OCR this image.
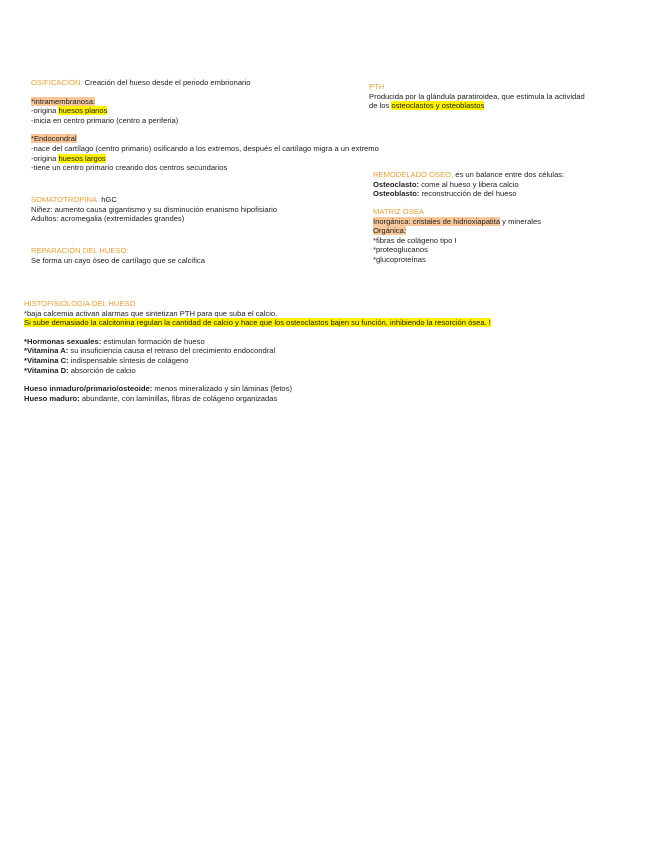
OSIFICACIÓN: Creación del hueso desde el periodo embrionario
*intramembranosa:
-origina huesos planos
-inicia en centro primario (centro a periferia)
*Endocondral
-nace del cartílago (centro primario) osificando a los extremos, después el cartílago migra a un extremo
-origina huesos largos
-tiene un centro primario creando dos centros secundarios
SOMATOTROPINA: hGC
Niñez: aumento causa gigantismo y su disminución enanismo hipofisiario
Adultos: acromegalia (extremidades grandes)
REPARACIÓN DEL HUESO:
Se forma un cayo óseo de cartílago que se calcifica
PTH
Producida por la glándula paratiroidea, que estimula la actividad
de los osteoclastos y osteoblastos
REMODELADO ÓSEO, es un balance entre dos células:
Osteoclasto: come al hueso y libera calcio
Osteoblasto: reconstrucción de del hueso
MATRIZ ÓSEA
Inorgánica: cristales de hidrioxiapatita y minerales
Orgánica:
*fibras de colágeno tipo I
*proteoglucanos
*glucoproteínas
HISTOFISIOLOGÍA DEL HUESO
*baja calcemia activan alarmas que sintetizan PTH para que suba el calcio.
Si sube demasiado la calcitonina regulan la cantidad de calcio y hace que los osteoclastos bajen su función, inhibiendo la resorción ósea. !
*Hormonas sexuales: estimulan formación de hueso
*Vitamina A: su insuficiencia causa el retraso del crecimiento endocondral
*Vitamina C: indispensable síntesis de colágeno
*Vitamina D: absorción de calcio
Hueso inmaduro/primario/osteoide: menos mineralizado y sin láminas (fetos)
Hueso maduro: abundante, con laminillas, fibras de colágeno organizadas
